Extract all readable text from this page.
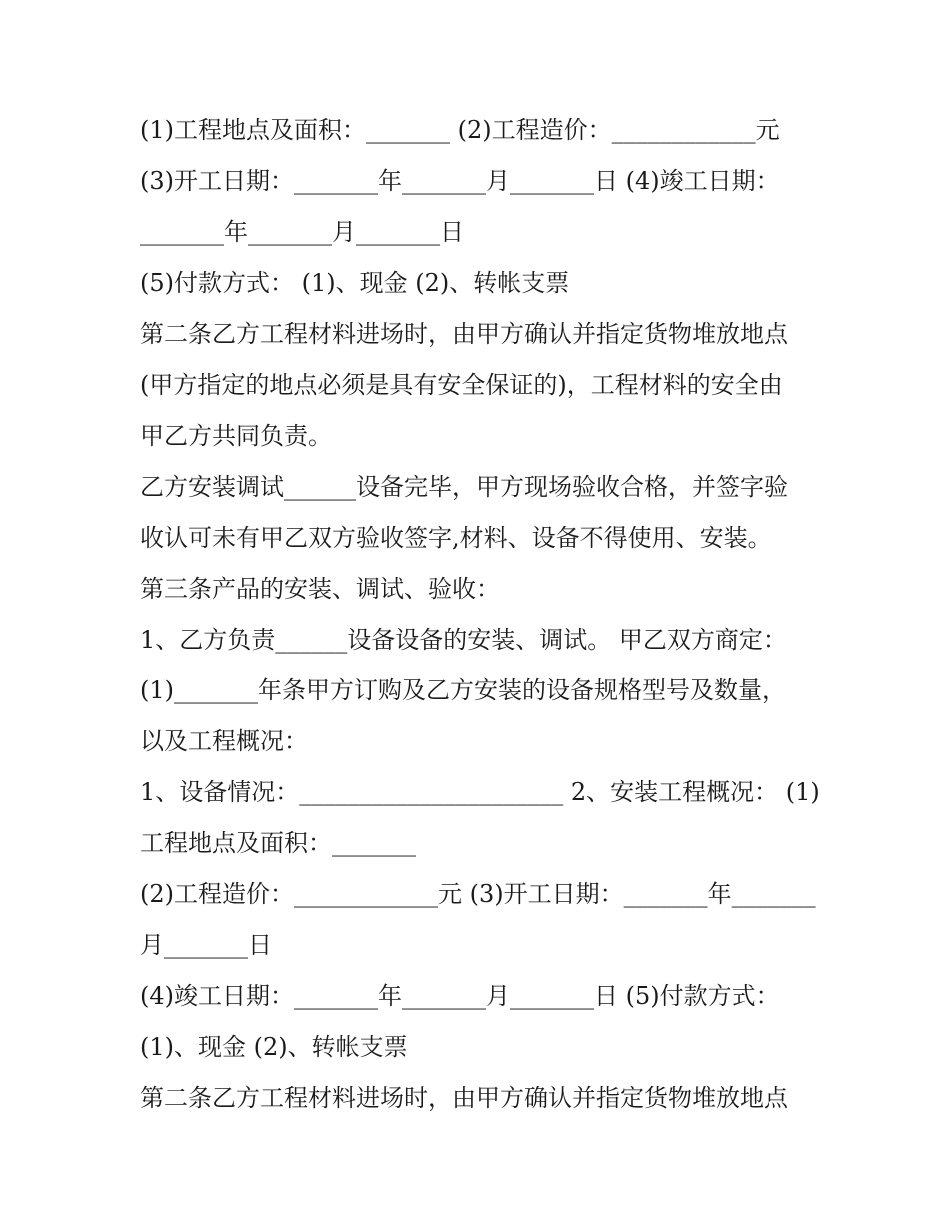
(1)工程地点及面积：_______ (2)工程造价：____________元
(3)开工日期：_______年_______月_______日 (4)竣工日期：
_______年_______月_______日
(5)付款方式： (1)、现金 (2)、转帐支票
第二条乙方工程材料进场时，由甲方确认并指定货物堆放地点
(甲方指定的地点必须是具有安全保证的)，工程材料的安全由
甲乙方共同负责。
乙方安装调试______设备完毕，甲方现场验收合格，并签字验
收认可未有甲乙双方验收签字,材料、设备不得使用、安装。
第三条产品的安装、调试、验收：
1、乙方负责______设备设备的安装、调试。 甲乙双方商定：
(1)_______年条甲方订购及乙方安装的设备规格型号及数量，
以及工程概况：
1、设备情况：______________________ 2、安装工程概况： (1)
工程地点及面积：_______
(2)工程造价：____________元 (3)开工日期：_______年_______
月_______日
(4)竣工日期：_______年_______月_______日 (5)付款方式：
(1)、现金 (2)、转帐支票
第二条乙方工程材料进场时，由甲方确认并指定货物堆放地点
